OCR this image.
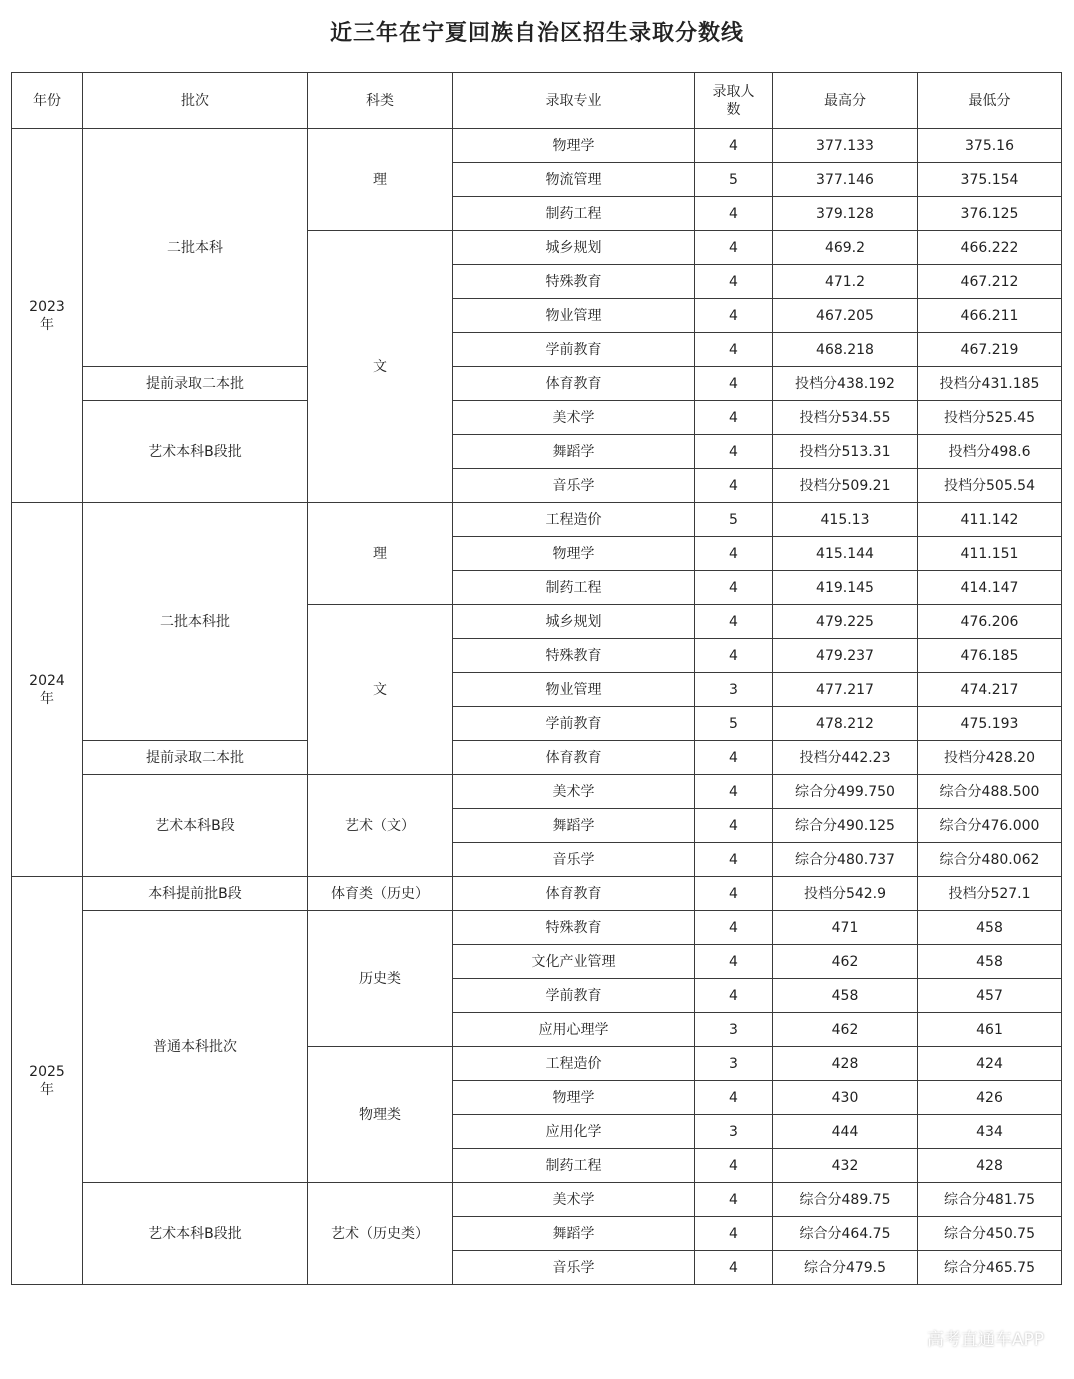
近三年在宁夏回族自治区招生录取分数线
年份	批次	科类	录取专业	录取人数	最高分	最低分
2023年	二批本科	理	物理学	4	377.133	375.16
			物流管理	5	377.146	375.154
			制药工程	4	379.128	376.125
		文	城乡规划	4	469.2	466.222
			特殊教育	4	471.2	467.212
			物业管理	4	467.205	466.211
			学前教育	4	468.218	467.219
	提前录取二本批		体育教育	4	投档分438.192	投档分431.185
	艺术本科B段批		美术学	4	投档分534.55	投档分525.45
			舞蹈学	4	投档分513.31	投档分498.6
			音乐学	4	投档分509.21	投档分505.54
2024年	二批本科批	理	工程造价	5	415.13	411.142
			物理学	4	415.144	411.151
			制药工程	4	419.145	414.147
		文	城乡规划	4	479.225	476.206
			特殊教育	4	479.237	476.185
			物业管理	3	477.217	474.217
			学前教育	5	478.212	475.193
	提前录取二本批		体育教育	4	投档分442.23	投档分428.20
	艺术本科B段	艺术（文）	美术学	4	综合分499.750	综合分488.500
			舞蹈学	4	综合分490.125	综合分476.000
			音乐学	4	综合分480.737	综合分480.062
2025年	本科提前批B段	体育类（历史）	体育教育	4	投档分542.9	投档分527.1
	普通本科批次	历史类	特殊教育	4	471	458
			文化产业管理	4	462	458
			学前教育	4	458	457
			应用心理学	3	462	461
		物理类	工程造价	3	428	424
			物理学	4	430	426
			应用化学	3	444	434
			制药工程	4	432	428
	艺术本科B段批	艺术（历史类）	美术学	4	综合分489.75	综合分481.75
			舞蹈学	4	综合分464.75	综合分450.75
			音乐学	4	综合分479.5	综合分465.75
高考直通车APP
